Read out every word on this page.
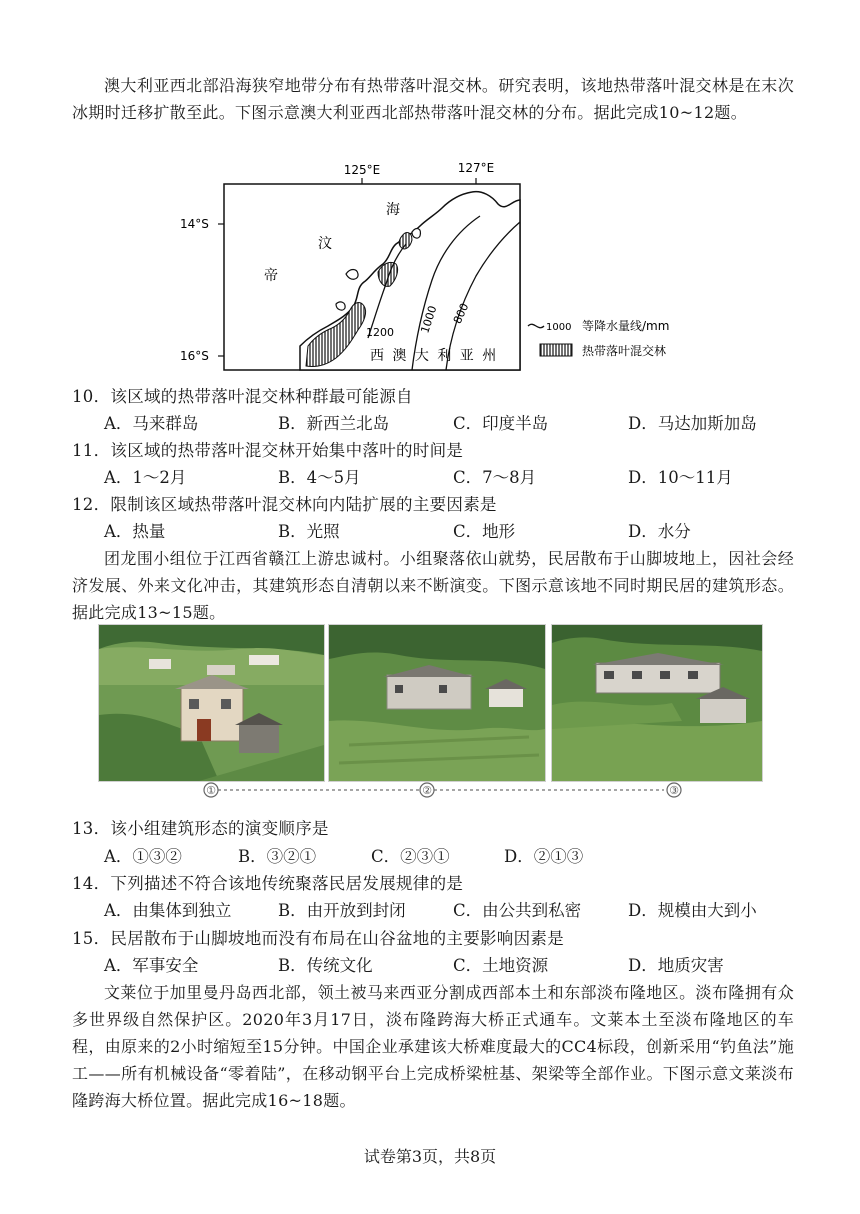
澳大利亚西北部沿海狭窄地带分布有热带落叶混交林。研究表明，该地热带落叶混交林是在末次冰期时迁移扩散至此。下图示意澳大利亚西北部热带落叶混交林的分布。据此完成10~12题。
125°E	127°E
14°S
16°S
帝
汶
海
1200 1000 800
西 澳 大 利 亚 州
1000 等降水量线/mm
热带落叶混交林
10．该区域的热带落叶混交林种群最可能源自
A．马来群岛	B．新西兰北岛	C．印度半岛	D．马达加斯加岛
11．该区域的热带落叶混交林开始集中落叶的时间是
A．1～2月	B．4～5月	C．7～8月	D．10～11月
12．限制该区域热带落叶混交林向内陆扩展的主要因素是
A．热量	B．光照	C．地形	D．水分
团龙围小组位于江西省赣江上游忠诚村。小组聚落依山就势，民居散布于山脚坡地上，因社会经济发展、外来文化冲击，其建筑形态自清朝以来不断演变。下图示意该地不同时期民居的建筑形态。据此完成13~15题。
①	②	③
13．该小组建筑形态的演变顺序是
A．①③②	B．③②①	C．②③①	D．②①③
14．下列描述不符合该地传统聚落民居发展规律的是
A．由集体到独立	B．由开放到封闭	C．由公共到私密	D．规模由大到小
15．民居散布于山脚坡地而没有布局在山谷盆地的主要影响因素是
A．军事安全	B．传统文化	C．土地资源	D．地质灾害
文莱位于加里曼丹岛西北部，领土被马来西亚分割成西部本土和东部淡布隆地区。淡布隆拥有众多世界级自然保护区。2020年3月17日，淡布隆跨海大桥正式通车。文莱本土至淡布隆地区的车程，由原来的2小时缩短至15分钟。中国企业承建该大桥难度最大的CC4标段，创新采用“钓鱼法”施工——所有机械设备“零着陆”，在移动钢平台上完成桥梁桩基、架梁等全部作业。下图示意文莱淡布隆跨海大桥位置。据此完成16~18题。
试卷第3页，共8页
